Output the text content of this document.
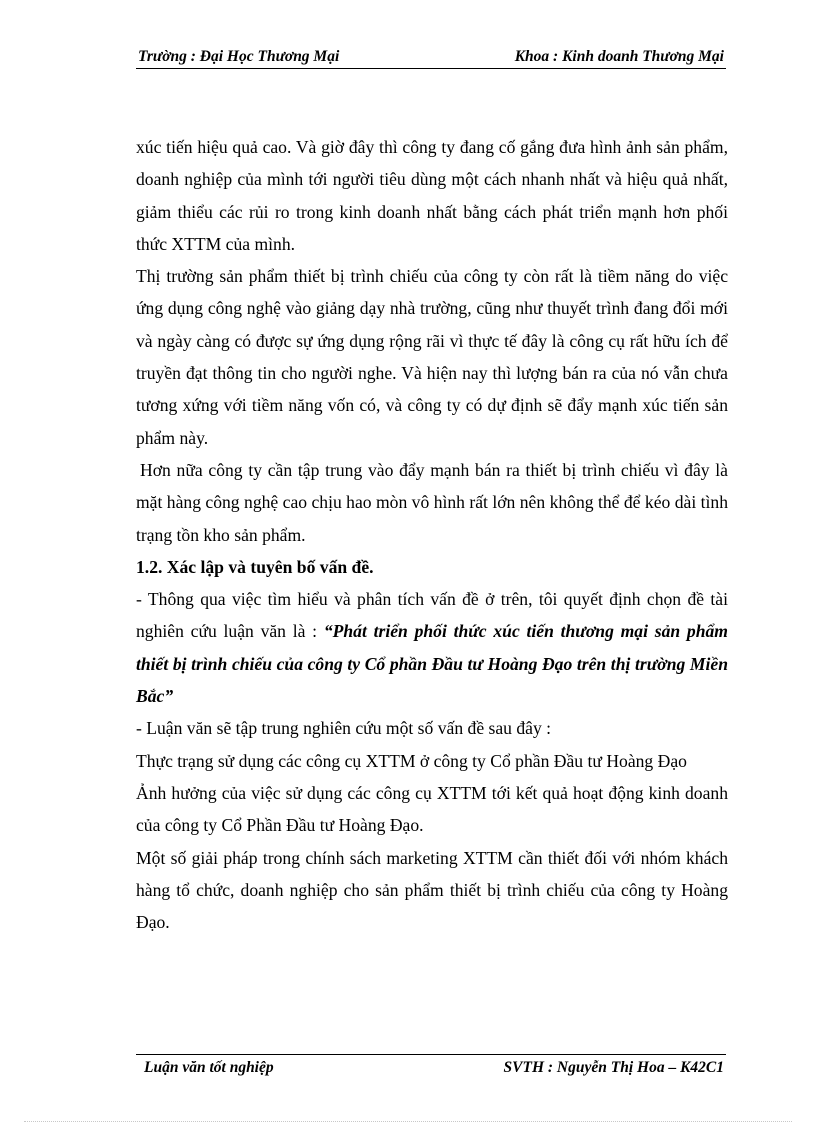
Trường : Đại Học Thương Mại	Khoa : Kinh doanh Thương Mại

xúc tiến hiệu quả cao. Và giờ đây thì công ty đang cố gắng đưa hình ảnh sản phẩm, doanh nghiệp của mình tới người tiêu dùng một cách nhanh nhất và hiệu quả nhất, giảm thiểu các rủi ro trong kinh doanh nhất bằng cách phát triển mạnh hơn phối thức XTTM của mình.

Thị trường sản phẩm thiết bị trình chiếu của công ty còn rất là tiềm năng do việc ứng dụng công nghệ vào giảng dạy nhà trường, cũng như thuyết trình đang đổi mới và ngày càng có được sự ứng dụng rộng rãi vì thực tế đây là công cụ rất hữu ích để truyền đạt thông tin cho người nghe. Và hiện nay thì lượng bán ra của nó vẫn chưa tương xứng với tiềm năng vốn có, và công ty có dự định sẽ đẩy mạnh xúc tiến sản phẩm này.

Hơn nữa công ty cần tập trung vào đẩy mạnh bán ra thiết bị trình chiếu vì đây là mặt hàng công nghệ cao chịu hao mòn vô hình rất lớn nên không thể để kéo dài tình trạng tồn kho sản phẩm.

1.2. Xác lập và tuyên bố vấn đề.

- Thông qua việc tìm hiểu và phân tích vấn đề ở trên, tôi quyết định chọn đề tài nghiên cứu luận văn là : “Phát triển phối thức xúc tiến thương mại sản phẩm thiết bị trình chiếu của công ty Cổ phần Đầu tư Hoàng Đạo trên thị trường Miền Bắc”

- Luận văn sẽ tập trung nghiên cứu một số vấn đề sau đây :

Thực trạng sử dụng các công cụ XTTM ở công ty Cổ phần Đầu tư Hoàng Đạo

Ảnh hưởng của việc sử dụng các công cụ XTTM tới kết quả hoạt động kinh doanh của công ty Cổ Phần Đầu tư Hoàng Đạo.

Một số giải pháp trong chính sách marketing XTTM cần thiết đối với nhóm khách hàng tổ chức, doanh nghiệp cho sản phẩm thiết bị trình chiếu của công ty Hoàng Đạo.

Luận văn tốt nghiệp	SVTH : Nguyễn Thị Hoa – K42C1
